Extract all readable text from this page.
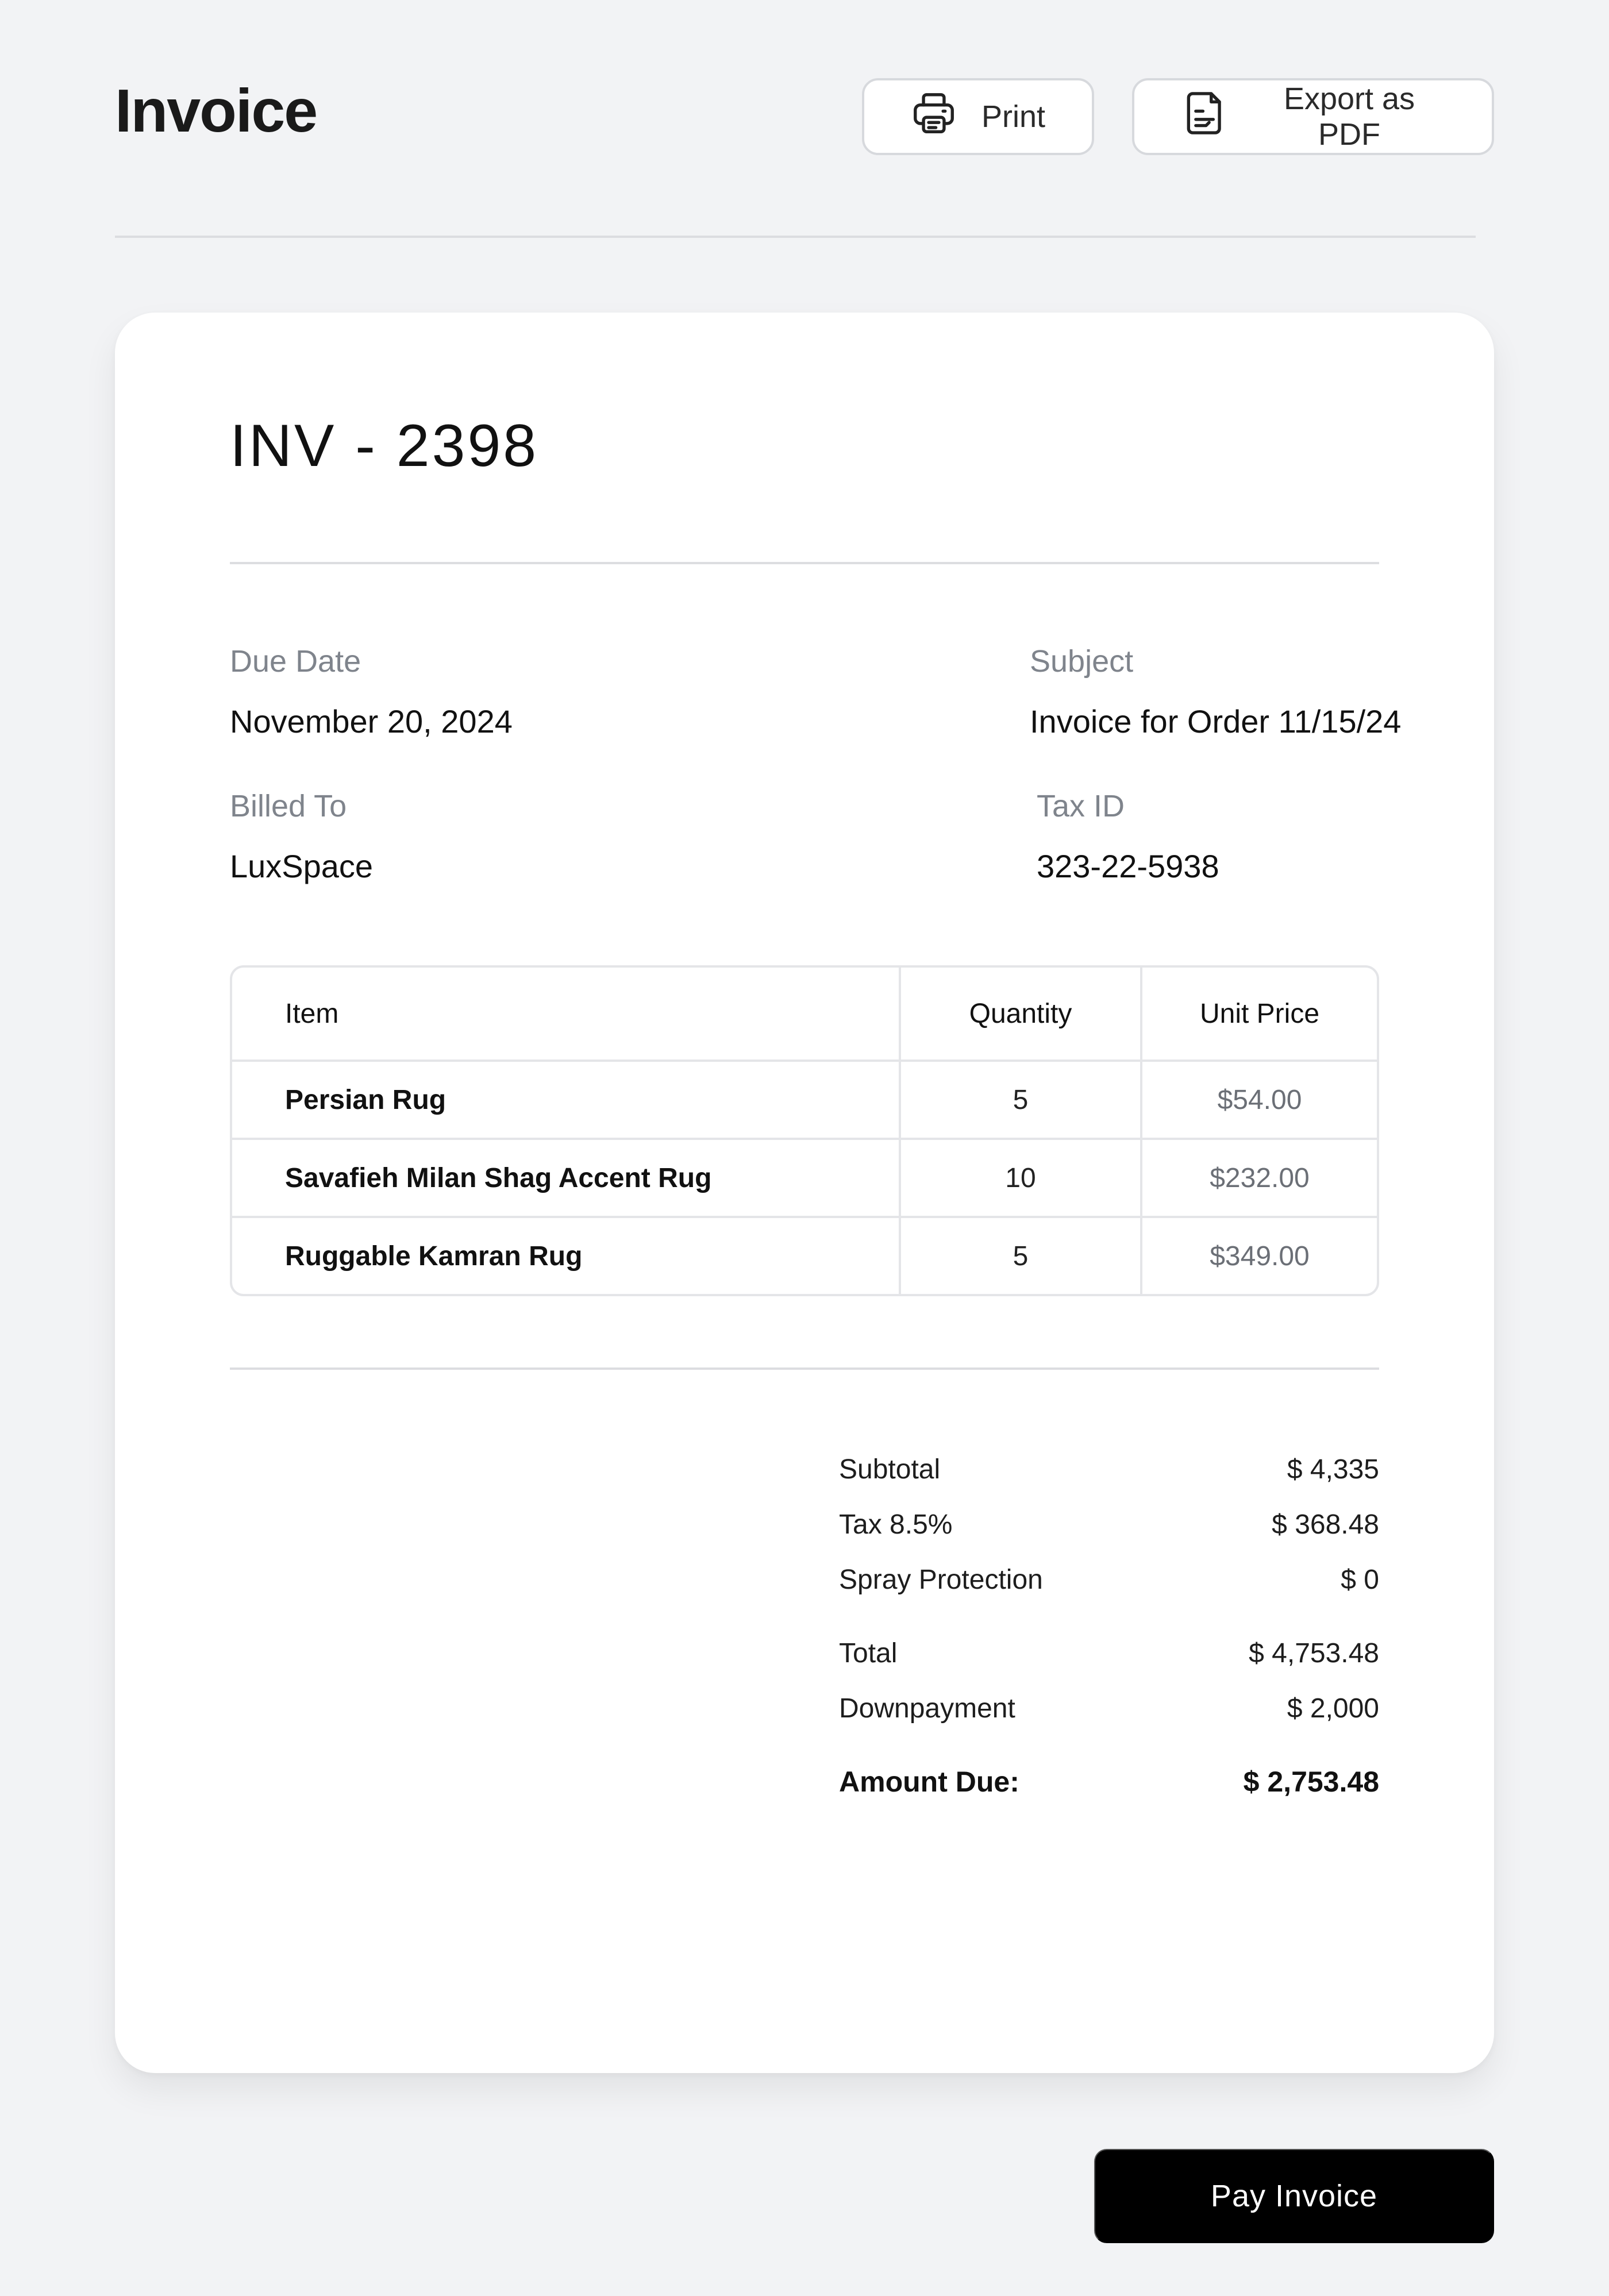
Invoice	Print
Export as PDF
INV - 2398
Due Date
November 20, 2024
Subject
Invoice for Order 11/15/24
Billed To
LuxSpace
Tax ID
323-22-5938
Item	Quantity	Unit Price
Persian Rug	5	$54.00
Savafieh Milan Shag Accent Rug	10	$232.00
Ruggable Kamran Rug	5	$349.00
Subtotal	$ 4,335
Tax 8.5%	$ 368.48
Spray Protection	$ 0
Total	$ 4,753.48
Downpayment	$ 2,000
Amount Due:	$ 2,753.48
Pay Invoice
